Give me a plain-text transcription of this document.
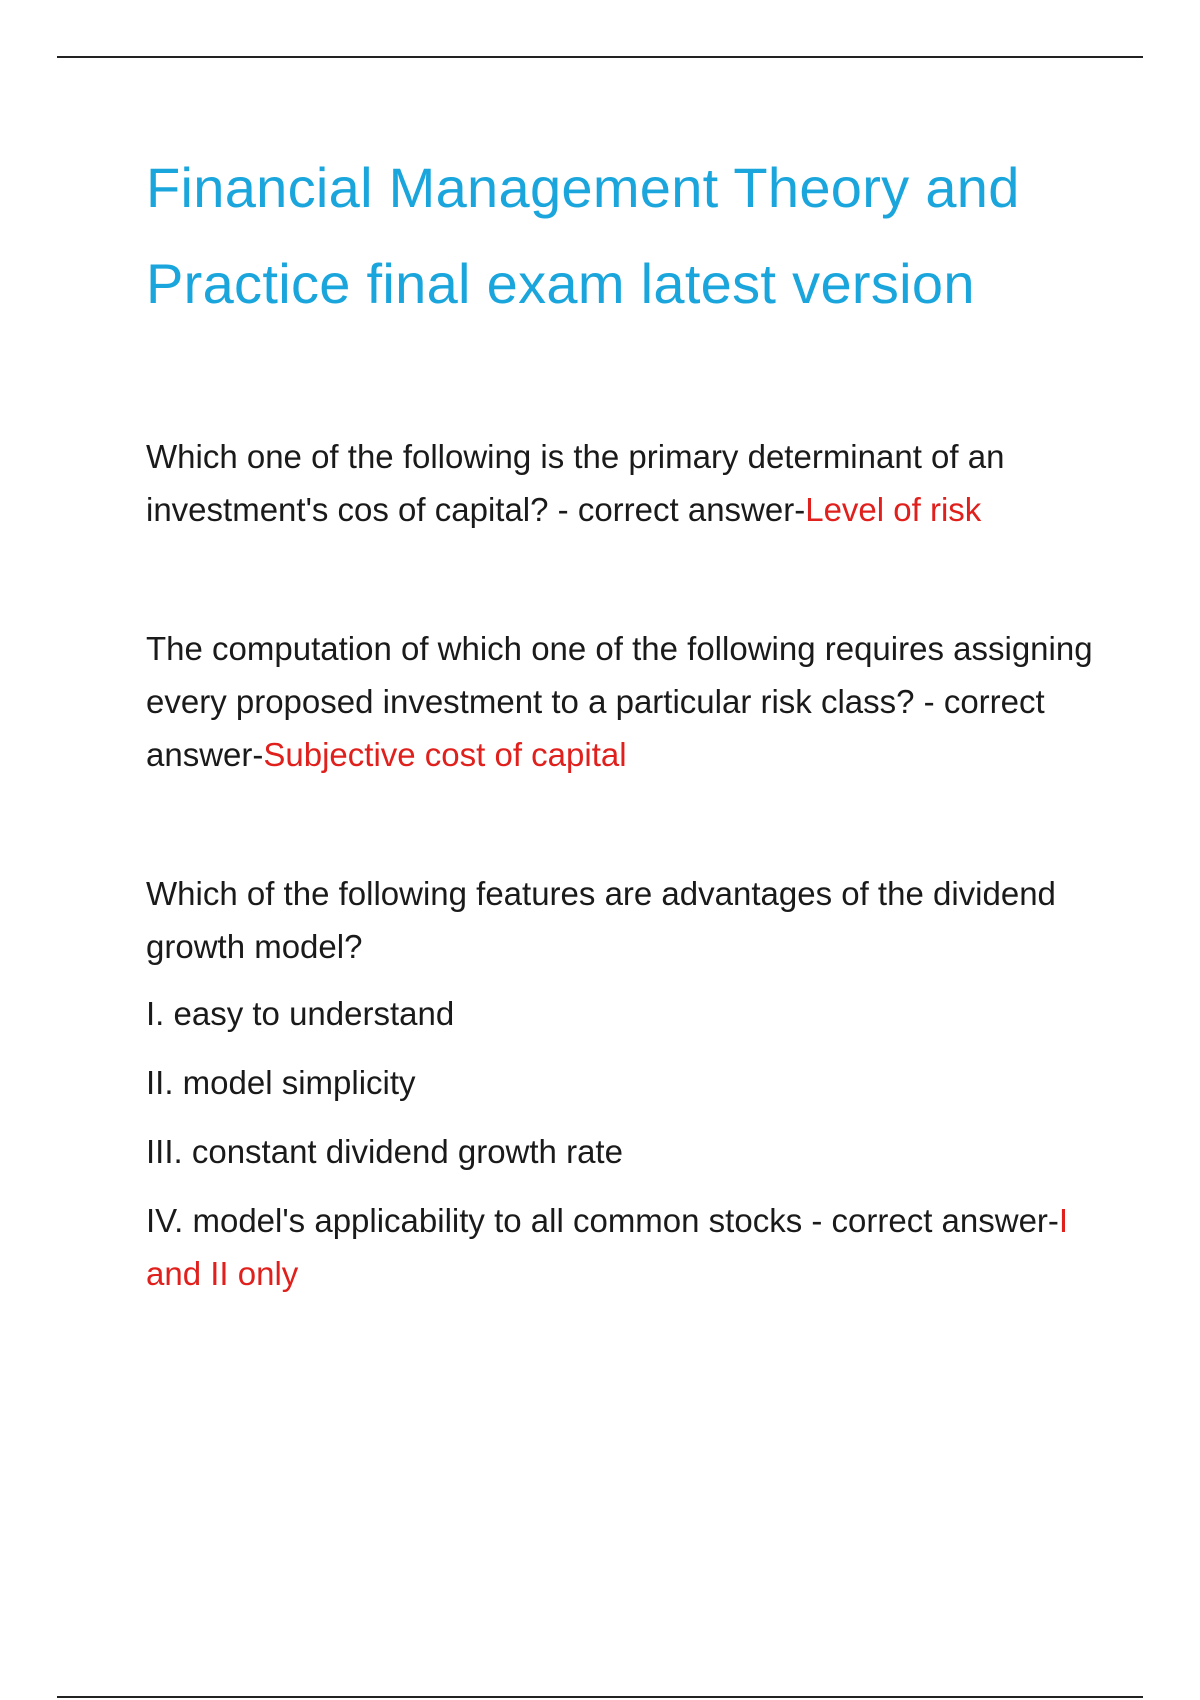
Financial Management Theory and Practice final exam latest version

Which one of the following is the primary determinant of an investment's cos of capital? - correct answer-Level of risk

The computation of which one of the following requires assigning every proposed investment to a particular risk class? - correct answer-Subjective cost of capital

Which of the following features are advantages of the dividend growth model?

I. easy to understand

II. model simplicity

III. constant dividend growth rate

IV. model's applicability to all common stocks - correct answer-I and II only
